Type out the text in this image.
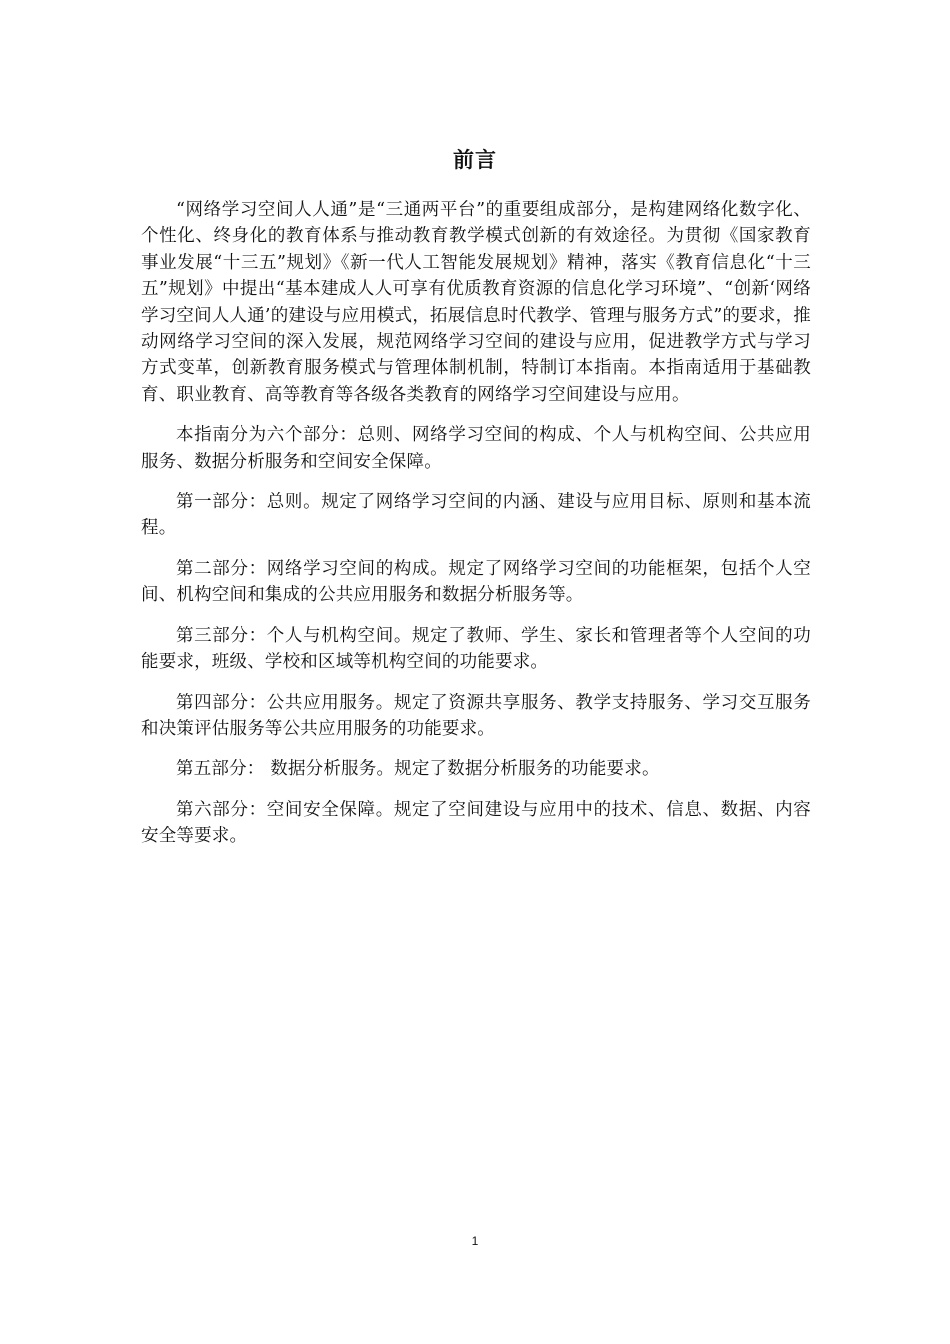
前言

“网络学习空间人人通”是“三通两平台”的重要组成部分，是构建网络化数字化、个性化、终身化的教育体系与推动教育教学模式创新的有效途径。为贯彻《国家教育事业发展“十三五”规划》《新一代人工智能发展规划》精神，落实《教育信息化“十三五”规划》中提出“基本建成人人可享有优质教育资源的信息化学习环境”、“创新‘网络学习空间人人通’的建设与应用模式，拓展信息时代教学、管理与服务方式”的要求，推动网络学习空间的深入发展，规范网络学习空间的建设与应用，促进教学方式与学习方式变革，创新教育服务模式与管理体制机制，特制订本指南。本指南适用于基础教育、职业教育、高等教育等各级各类教育的网络学习空间建设与应用。

本指南分为六个部分：总则、网络学习空间的构成、个人与机构空间、公共应用服务、数据分析服务和空间安全保障。

第一部分：总则。规定了网络学习空间的内涵、建设与应用目标、原则和基本流程。

第二部分：网络学习空间的构成。规定了网络学习空间的功能框架，包括个人空间、机构空间和集成的公共应用服务和数据分析服务等。

第三部分：个人与机构空间。规定了教师、学生、家长和管理者等个人空间的功能要求，班级、学校和区域等机构空间的功能要求。

第四部分：公共应用服务。规定了资源共享服务、教学支持服务、学习交互服务和决策评估服务等公共应用服务的功能要求。

第五部分： 数据分析服务。规定了数据分析服务的功能要求。

第六部分：空间安全保障。规定了空间建设与应用中的技术、信息、数据、内容安全等要求。

1
